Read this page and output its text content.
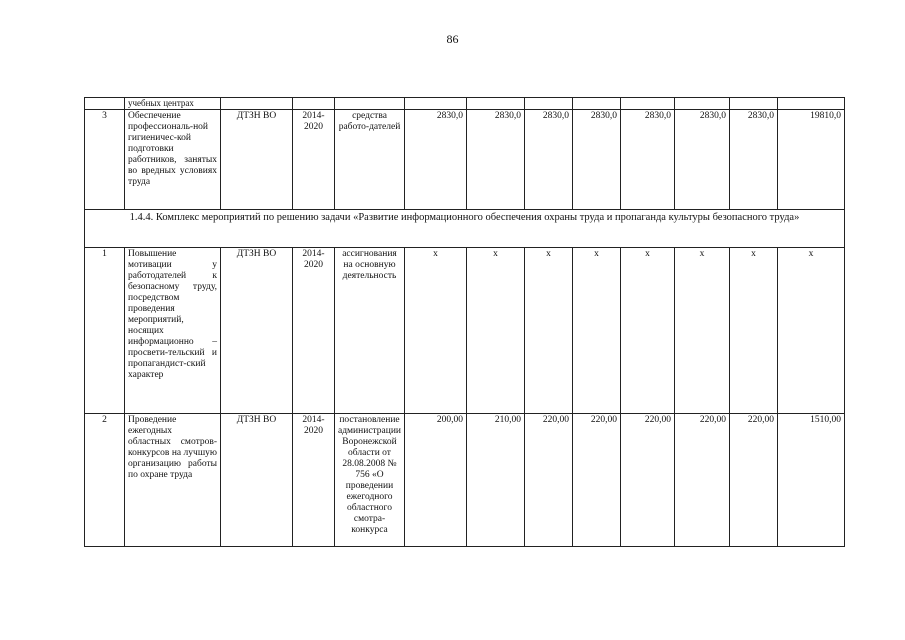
86
	учебных центрах											
3	Обеспечение профессиональ-ной гигиеничес-кой подготовки работников, занятых во вредных условиях труда	ДТЗН ВО	2014-2020	средства работо-дателей	2830,0	2830,0	2830,0	2830,0	2830,0	2830,0	2830,0	19810,0
1.4.4. Комплекс мероприятий по решению задачи «Развитие информационного обеспечения охраны труда и пропаганда культуры безопасного труда»												
1	Повышение мотивации у работодателей к безопасному труду, посредством проведения мероприятий, носящих информационно – просвети-тельский и пропагандист-ский характер	ДТЗН ВО	2014-2020	ассигнования на основную деятельность	х	х	х	х	х	х	х	х
2	Проведение ежегодных областных смотров-конкурсов на лучшую организацию работы по охране труда	ДТЗН ВО	2014-2020	постановление администрации Воронежской области от 28.08.2008 № 756 «О проведении ежегодного областного смотра-конкурса	200,00	210,00	220,00	220,00	220,00	220,00	220,00	1510,00
